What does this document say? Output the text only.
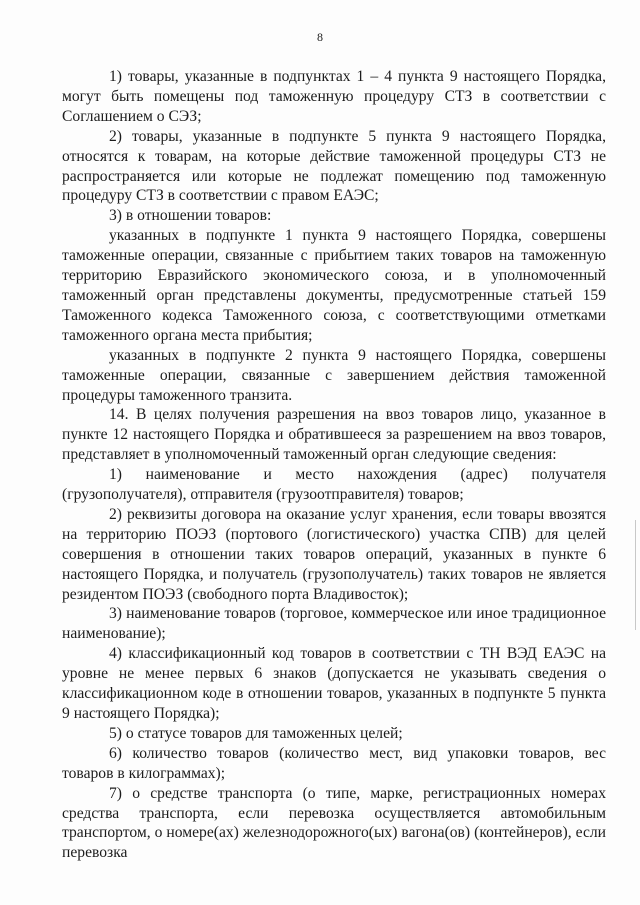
8

1) товары, указанные в подпунктах 1 – 4 пункта 9 настоящего Порядка, могут быть помещены под таможенную процедуру СТЗ в соответствии с Соглашением о СЭЗ;

2) товары, указанные в подпункте 5 пункта 9 настоящего Порядка, относятся к товарам, на которые действие таможенной процедуры СТЗ не распространяется или которые не подлежат помещению под таможенную процедуру СТЗ в соответствии с правом ЕАЭС;

3) в отношении товаров:

указанных в подпункте 1 пункта 9 настоящего Порядка, совершены таможенные операции, связанные с прибытием таких товаров на таможенную территорию Евразийского экономического союза, и в уполномоченный таможенный орган представлены документы, предусмотренные статьей 159 Таможенного кодекса Таможенного союза, с соответствующими отметками таможенного органа места прибытия;

указанных в подпункте 2 пункта 9 настоящего Порядка, совершены таможенные операции, связанные с завершением действия таможенной процедуры таможенного транзита.

14. В целях получения разрешения на ввоз товаров лицо, указанное в пункте 12 настоящего Порядка и обратившееся за разрешением на ввоз товаров, представляет в уполномоченный таможенный орган следующие сведения:

1) наименование и место нахождения (адрес) получателя (грузополучателя), отправителя (грузоотправителя) товаров;

2) реквизиты договора на оказание услуг хранения, если товары ввозятся на территорию ПОЭЗ (портового (логистического) участка СПВ) для целей совершения в отношении таких товаров операций, указанных в пункте 6 настоящего Порядка, и получатель (грузополучатель) таких товаров не является резидентом ПОЭЗ (свободного порта Владивосток);

3) наименование товаров (торговое, коммерческое или иное традиционное наименование);

4) классификационный код товаров в соответствии с ТН ВЭД ЕАЭС на уровне не менее первых 6 знаков (допускается не указывать сведения о классификационном коде в отношении товаров, указанных в подпункте 5 пункта 9 настоящего Порядка);

5) о статусе товаров для таможенных целей;

6) количество товаров (количество мест, вид упаковки товаров, вес товаров в килограммах);

7) о средстве транспорта (о типе, марке, регистрационных номерах средства транспорта, если перевозка осуществляется автомобильным транспортом, о номере(ах) железнодорожного(ых) вагона(ов) (контейнеров), если перевозка
